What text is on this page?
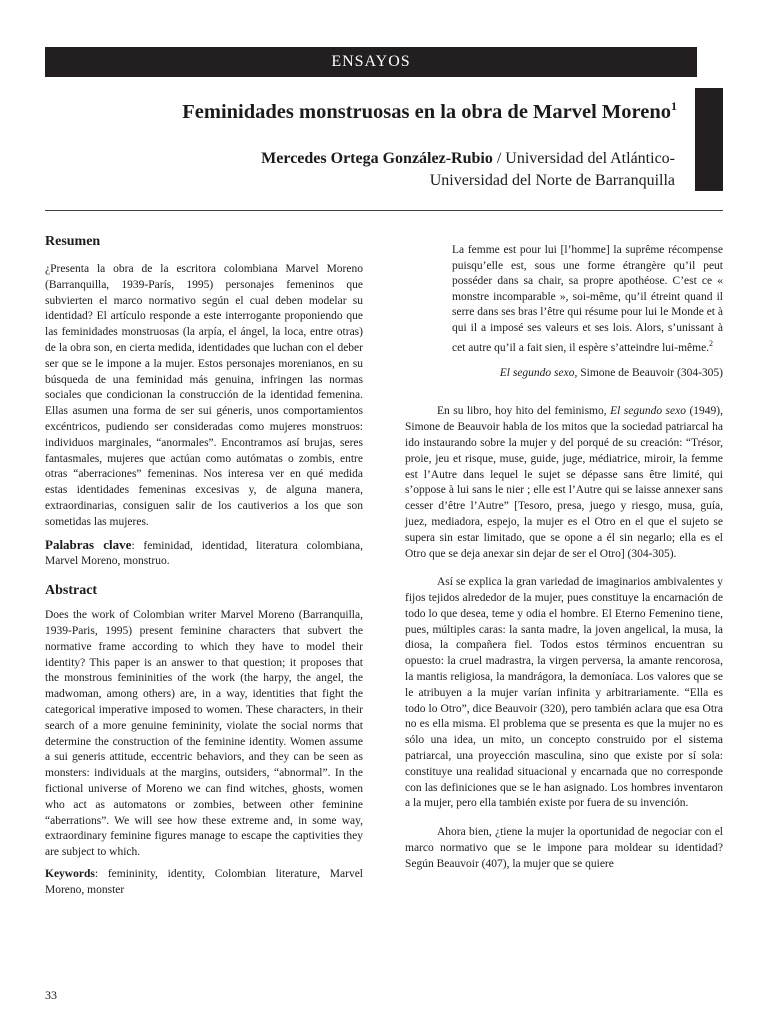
ENSAYOS
Feminidades monstruosas en la obra de Marvel Moreno$^1$
Mercedes Ortega González-Rubio / Universidad del Atlántico-
Universidad del Norte de Barranquilla
Resumen

¿Presenta la obra de la escritora colombiana Marvel Moreno (Barranquilla, 1939-París, 1995) personajes femeninos que subvierten el marco normativo según el cual deben modelar su identidad? El artículo responde a este interrogante proponiendo que las feminidades monstruosas (la arpía, el ángel, la loca, entre otras) de la obra son, en cierta medida, identidades que luchan con el deber ser que se le impone a la mujer. Estos personajes morenianos, en su búsqueda de una feminidad más genuina, infringen las normas sociales que condicionan la construcción de la identidad femenina. Ellas asumen una forma de ser sui géneris, unos comportamientos excéntricos, pudiendo ser consideradas como mujeres monstruos: individuos marginales, “anormales”. Encontramos así brujas, seres fantasmales, mujeres que actúan como autómatas o zombis, entre otras “aberraciones” femeninas. Nos interesa ver en qué medida estas identidades femeninas excesivas y, de alguna manera, extraordinarias, consiguen salir de los cautiverios a los que son sometidas las mujeres.

Palabras clave: feminidad, identidad, literatura colombiana, Marvel Moreno, monstruo.

Abstract

Does the work of Colombian writer Marvel Moreno (Barranquilla, 1939-Paris, 1995) present feminine characters that subvert the normative frame according to which they have to model their identity? This paper is an answer to that question; it proposes that the monstrous femininities of the work (the harpy, the angel, the madwoman, among others) are, in a way, identities that fight the categorical imperative imposed to women. These characters, in their search of a more genuine femininity, violate the social norms that determine the construction of the feminine identity. Women assume a sui generis attitude, eccentric behaviors, and they can be seen as monsters: individuals at the margins, outsiders, “abnormal”. In the fictional universe of Moreno we can find witches, ghosts, women who act as automatons or zombies, between other feminine “aberrations”. We will see how these extreme and, in some way, extraordinary feminine figures manage to escape the captivities they are subject to which.

Keywords: femininity, identity, Colombian literature, Marvel Moreno, monster

La femme est pour lui [l’homme] la suprême récompense puisqu’elle est, sous une forme étrangère qu’il peut posséder dans sa chair, sa propre apothéose. C’est ce « monstre incomparable », soi-même, qu’il étreint quand il serre dans ses bras l’être qui résume pour lui le Monde et à qui il a imposé ses valeurs et ses lois. Alors, s’unissant à cet autre qu’il a fait sien, il espère s’atteindre lui-même.$^2$

El segundo sexo, Simone de Beauvoir (304-305)

En su libro, hoy hito del feminismo, El segundo sexo (1949), Simone de Beauvoir habla de los mitos que la sociedad patriarcal ha ido instaurando sobre la mujer y del porqué de su creación: “Trésor, proie, jeu et risque, muse, guide, juge, médiatrice, miroir, la femme est l’Autre dans lequel le sujet se dépasse sans être limité, qui s’oppose à lui sans le nier ; elle est l’Autre qui se laisse annexer sans cesser d’être l’Autre” [Tesoro, presa, juego y riesgo, musa, guía, juez, mediadora, espejo, la mujer es el Otro en el que el sujeto se supera sin estar limitado, que se opone a él sin negarlo; ella es el Otro que se deja anexar sin dejar de ser el Otro] (304-305).

Así se explica la gran variedad de imaginarios ambivalentes y fijos tejidos alrededor de la mujer, pues constituye la encarnación de todo lo que desea, teme y odia el hombre. El Eterno Femenino tiene, pues, múltiples caras: la santa madre, la joven angelical, la musa, la diosa, la compañera fiel. Todos estos términos encuentran su opuesto: la cruel madrastra, la virgen perversa, la amante rencorosa, la mantis religiosa, la mandrágora, la demoníaca. Los valores que se le atribuyen a la mujer varían infinita y arbitrariamente. “Ella es todo lo Otro”, dice Beauvoir (320), pero también aclara que esa Otra no es ella misma. El problema que se presenta es que la mujer no es sólo una idea, un mito, un concepto construido por el sistema patriarcal, una proyección masculina, sino que existe por sí sola: constituye una realidad situacional y encarnada que no corresponde con las definiciones que se le han asignado. Los hombres inventaron a la mujer, pero ella también existe por fuera de su invención.

Ahora bien, ¿tiene la mujer la oportunidad de negociar con el marco normativo que se le impone para moldear su identidad? Según Beauvoir (407), la mujer que se quiere

33
